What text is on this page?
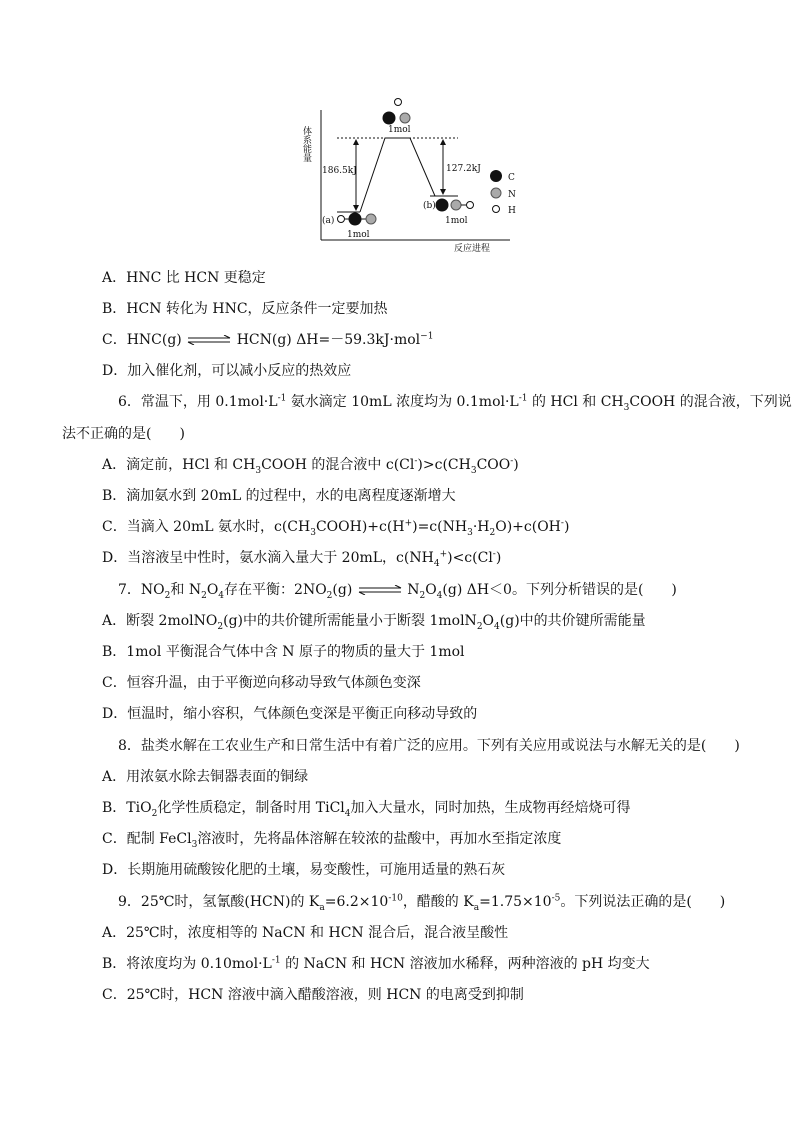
体系能量
反应进程
186.5kJ	127.2kJ
1mol
(a)
1mol
(b)
1mol
C
N
H
A．HNC 比 HCN 更稳定
B．HCN 转化为 HNC，反应条件一定要加热
C．HNC(g) ⇌ HCN(g) ΔH=－59.3kJ·mol$^{-1}$
D．加入催化剂，可以减小反应的热效应
6．常温下，用 $0.1mol\cdot L^{-1}$ 氨水滴定 10mL 浓度均为 $0.1mol\cdot L^{-1}$ 的 HCl 和 $CH_3COOH$ 的混合液，下列说
法不正确的是(　　)
A．滴定前，HCl 和 $CH_3COOH$ 的混合液中 $c(Cl^-)>c(CH_3COO^-)$
B．滴加氨水到 20mL 的过程中，水的电离程度逐渐增大
C．当滴入 20mL 氨水时，$c(CH_3COOH)+c(H^+)=c(NH_3\cdot H_2O)+c(OH^-)$
D．当溶液呈中性时，氨水滴入量大于 20mL，$c(NH_4^+)<c(Cl^-)$
7．$NO_2$和 $N_2O_4$存在平衡：$2NO_2(g)$ ⇌ $N_2O_4(g)$ ΔH＜0。下列分析错误的是(　　)
A．断裂 2molNO$_2$(g)中的共价键所需能量小于断裂 $1molN_2O_4(g)$中的共价键所需能量
B．1mol 平衡混合气体中含 N 原子的物质的量大于 1mol
C．恒容升温，由于平衡逆向移动导致气体颜色变深
D．恒温时，缩小容积，气体颜色变深是平衡正向移动导致的
8．盐类水解在工农业生产和日常生活中有着广泛的应用。下列有关应用或说法与水解无关的是(　　)
A．用浓氨水除去铜器表面的铜绿
B．TiO$_2$化学性质稳定，制备时用 TiCl$_4$加入大量水，同时加热，生成物再经焙烧可得
C．配制 FeCl$_3$溶液时，先将晶体溶解在较浓的盐酸中，再加水至指定浓度
D．长期施用硫酸铵化肥的土壤，易变酸性，可施用适量的熟石灰
9．25℃时，氢氰酸(HCN)的 $K_a=6.2\times 10^{-10}$，醋酸的 $K_a=1.75\times 10^{-5}$。下列说法正确的是(　　)
A．25℃时，浓度相等的 NaCN 和 HCN 混合后，混合液呈酸性
B．将浓度均为 $0.10mol\cdot L^{-1}$ 的 NaCN 和 HCN 溶液加水稀释，两种溶液的 pH 均变大
C．25℃时，HCN 溶液中滴入醋酸溶液，则 HCN 的电离受到抑制
